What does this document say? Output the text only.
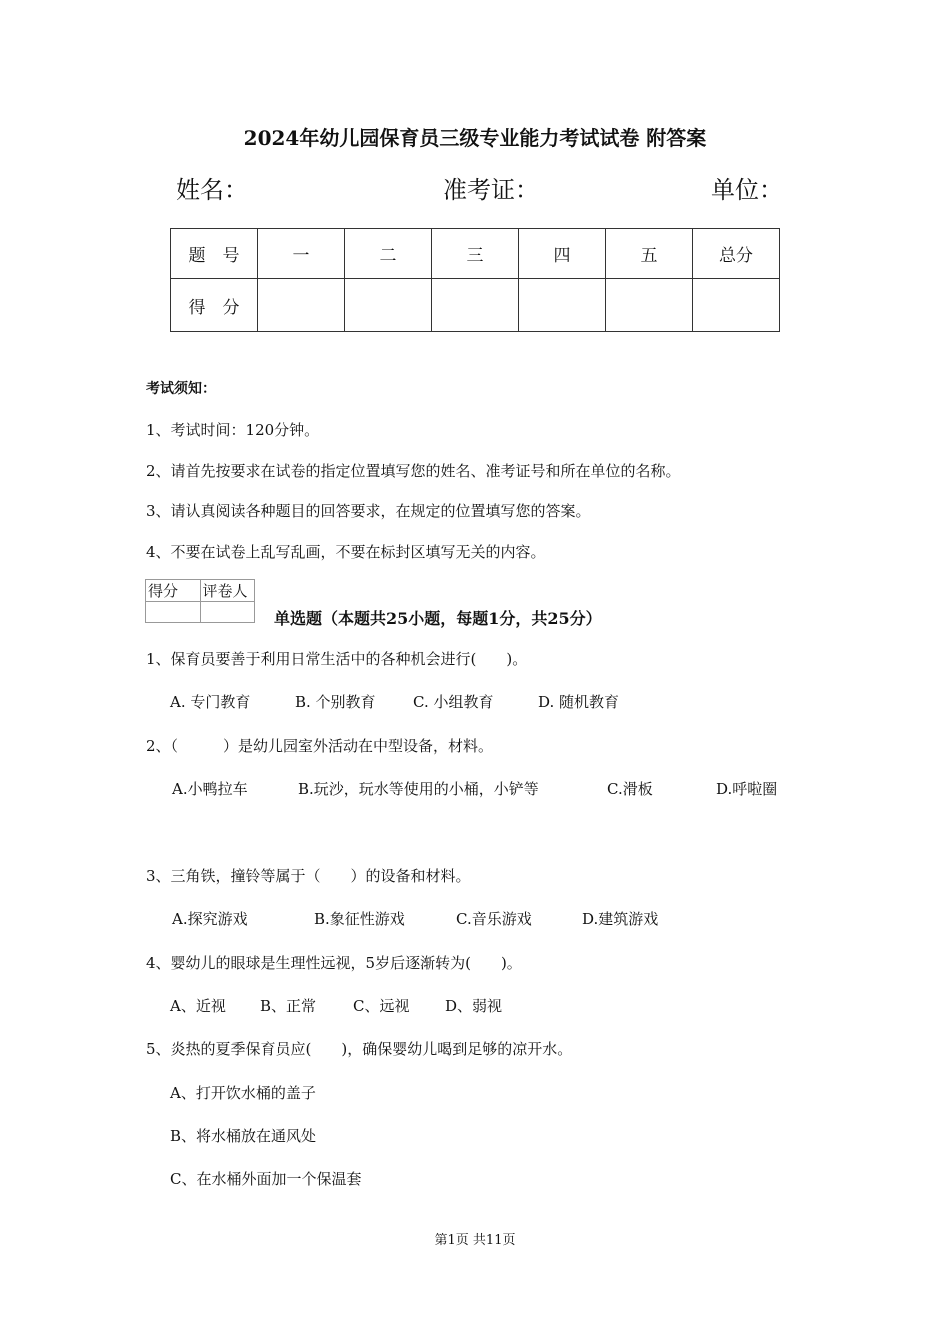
2024年幼儿园保育员三级专业能力考试试卷 附答案
姓名：	准考证：	单位：
题　号	一	二	三	四	五	总分
得　分						
考试须知：
1、考试时间：120分钟。
2、请首先按要求在试卷的指定位置填写您的姓名、准考证号和所在单位的名称。
3、请认真阅读各种题目的回答要求，在规定的位置填写您的答案。
4、不要在试卷上乱写乱画，不要在标封区填写无关的内容。
得分	评卷人

单选题（本题共25小题，每题1分，共25分）
1、保育员要善于利用日常生活中的各种机会进行(　　)。
A. 专门教育	B. 个别教育 C. 小组教育	D. 随机教育
2、（　　　）是幼儿园室外活动在中型设备，材料。
A.小鸭拉车	B.玩沙，玩水等使用的小桶，小铲等	C.滑板	D.呼啦圈
3、三角铁，撞铃等属于（　　）的设备和材料。
A.探究游戏	B.象征性游戏	C.音乐游戏	D.建筑游戏
4、婴幼儿的眼球是生理性远视，5岁后逐渐转为(　　)。
A、近视 B、正常 C、远视 D、弱视
5、炎热的夏季保育员应(　　)，确保婴幼儿喝到足够的凉开水。
A、打开饮水桶的盖子
B、将水桶放在通风处
C、在水桶外面加一个保温套
第1页 共11页
